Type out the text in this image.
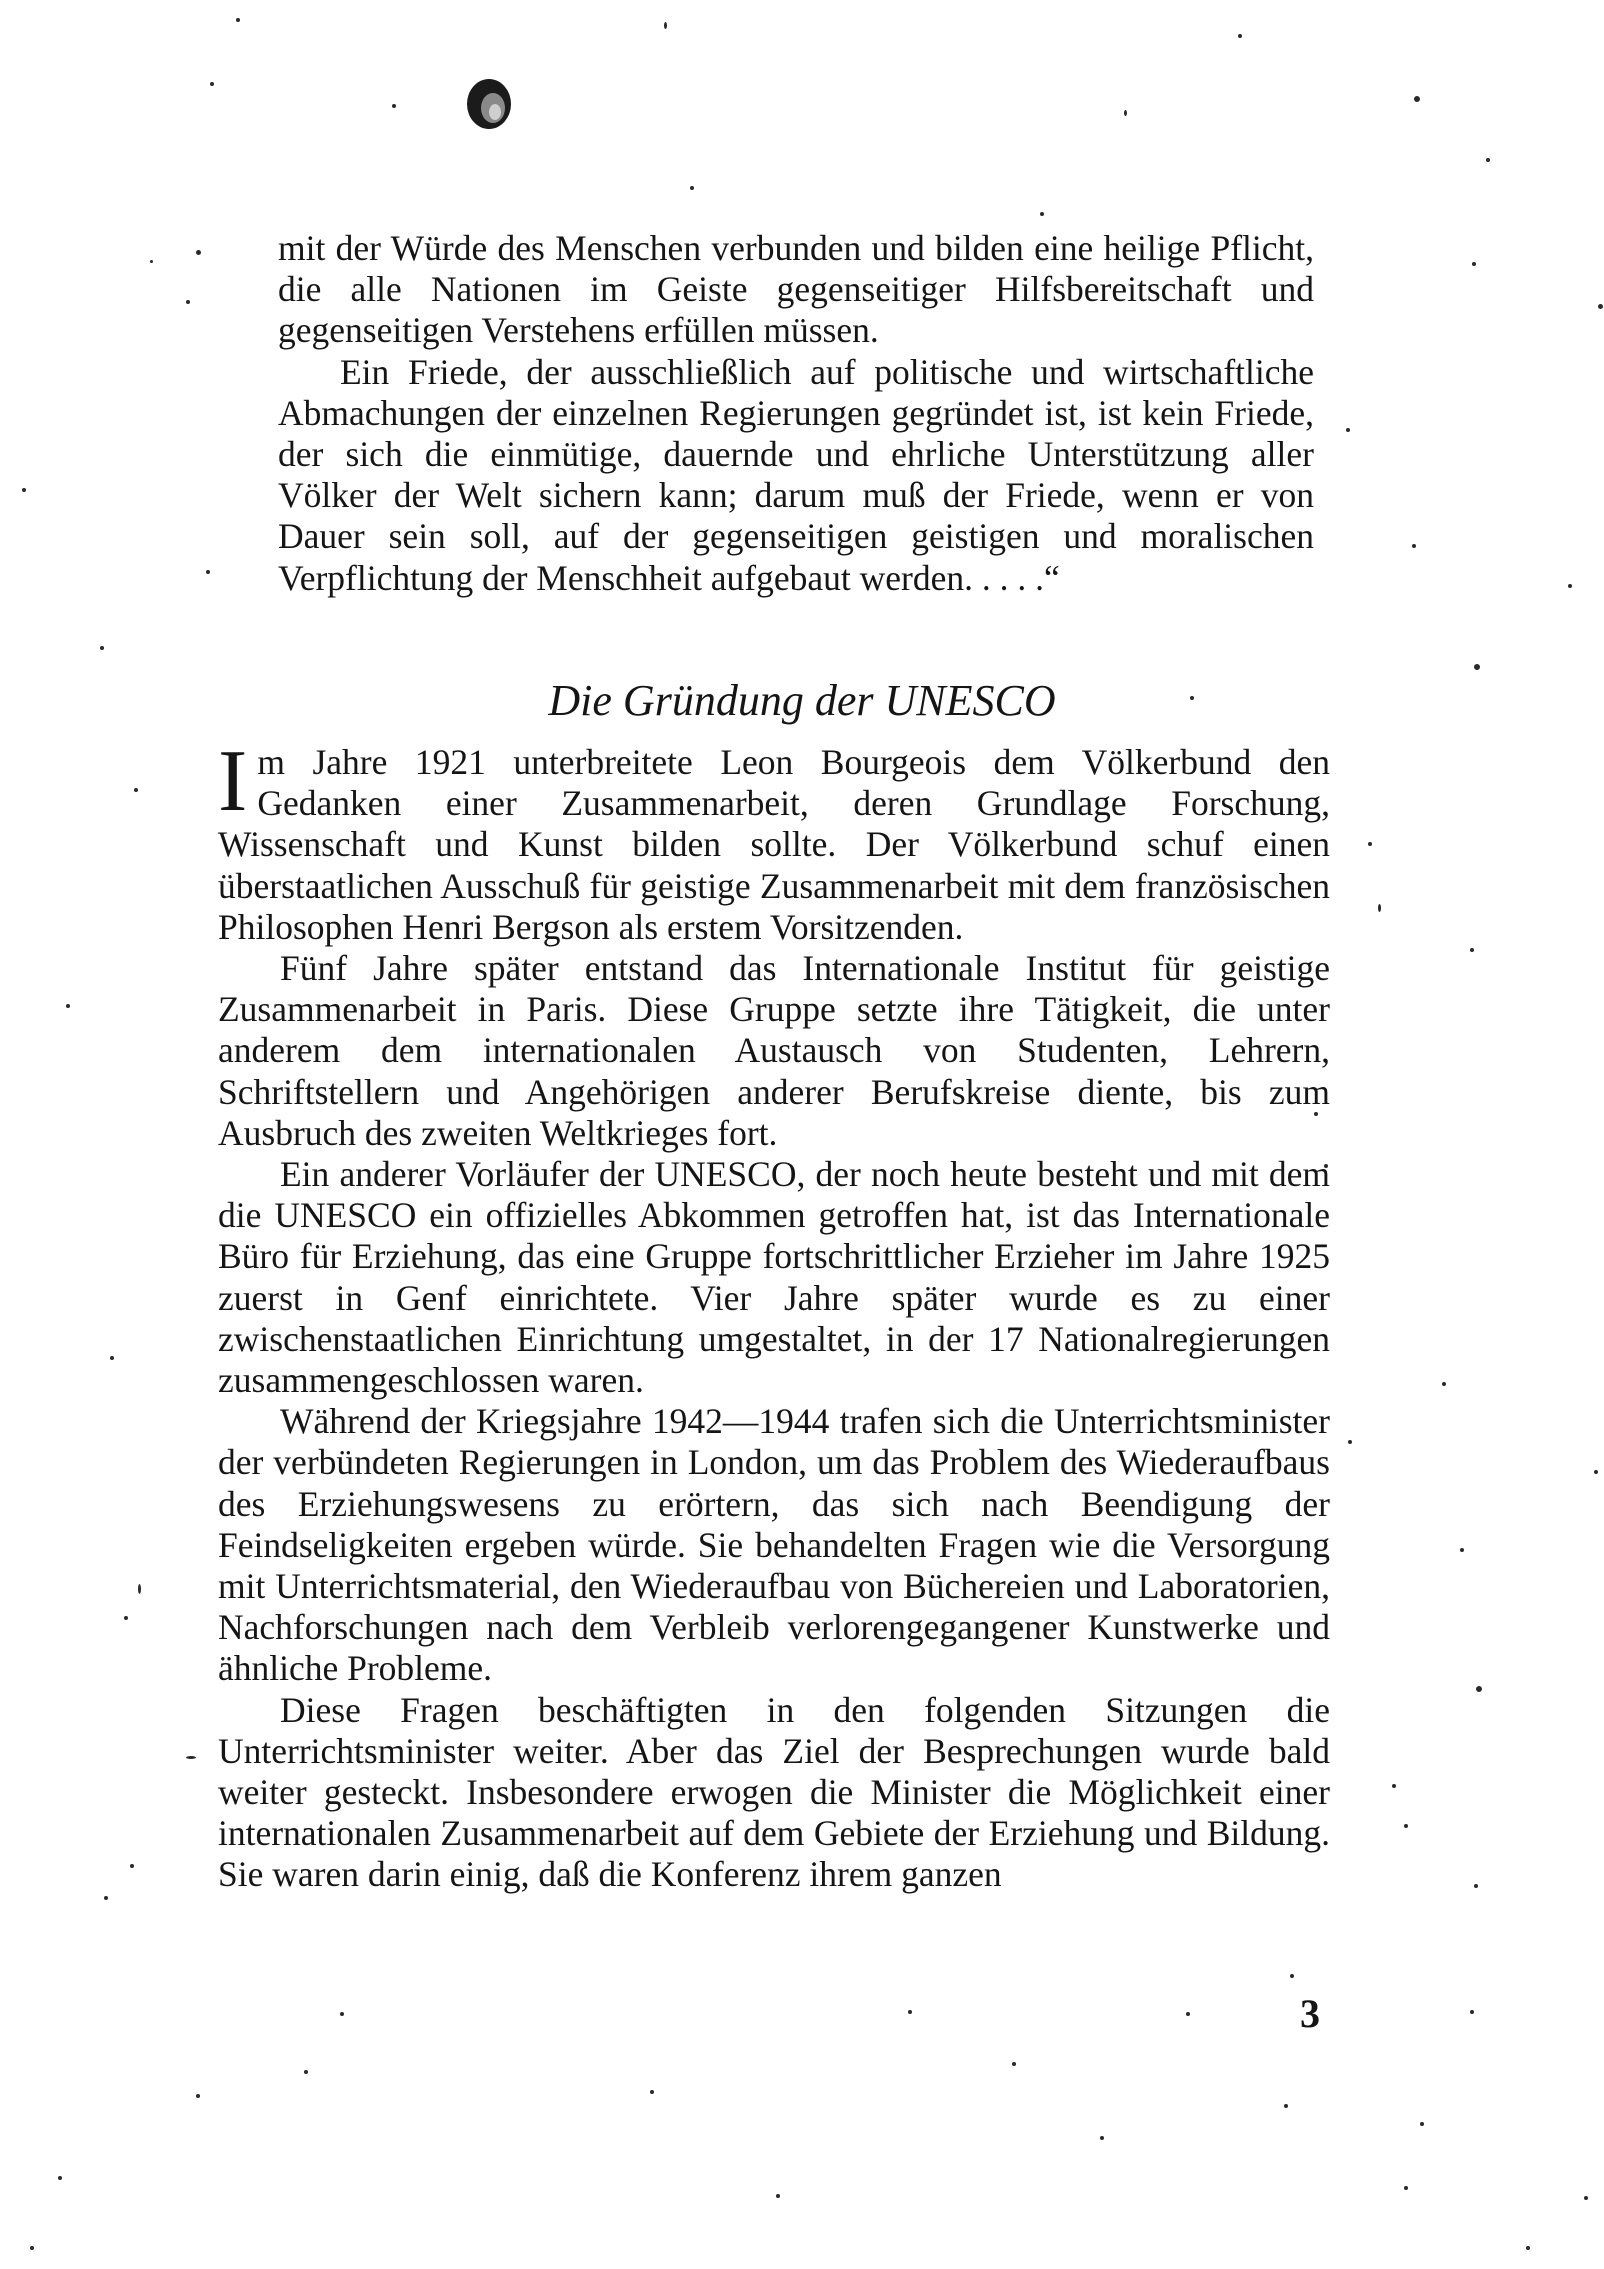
mit der Würde des Menschen verbunden und bilden eine heilige Pflicht, die alle Nationen im Geiste gegenseitiger Hilfsbereitschaft und gegenseitigen Verstehens erfüllen müssen.

Ein Friede, der ausschließlich auf politische und wirtschaftliche Abmachungen der einzelnen Regierungen gegründet ist, ist kein Friede, der sich die einmütige, dauernde und ehrliche Unterstützung aller Völker der Welt sichern kann; darum muß der Friede, wenn er von Dauer sein soll, auf der gegenseitigen geistigen und moralischen Verpflichtung der Menschheit aufgebaut werden. . . . .“

Die Gründung der UNESCO

Im Jahre 1921 unterbreitete Leon Bourgeois dem Völkerbund den Gedanken einer Zusammenarbeit, deren Grundlage Forschung, Wissenschaft und Kunst bilden sollte. Der Völkerbund schuf einen überstaatlichen Ausschuß für geistige Zusammenarbeit mit dem französischen Philosophen Henri Bergson als erstem Vorsitzenden.

Fünf Jahre später entstand das Internationale Institut für geistige Zusammenarbeit in Paris. Diese Gruppe setzte ihre Tätigkeit, die unter anderem dem internationalen Austausch von Studenten, Lehrern, Schriftstellern und Angehörigen anderer Berufskreise diente, bis zum Ausbruch des zweiten Weltkrieges fort.

Ein anderer Vorläufer der UNESCO, der noch heute besteht und mit dem die UNESCO ein offizielles Abkommen getroffen hat, ist das Internationale Büro für Erziehung, das eine Gruppe fortschrittlicher Erzieher im Jahre 1925 zuerst in Genf einrichtete. Vier Jahre später wurde es zu einer zwischenstaatlichen Einrichtung umgestaltet, in der 17 Nationalregierungen zusammengeschlossen waren.

Während der Kriegsjahre 1942—1944 trafen sich die Unterrichtsminister der verbündeten Regierungen in London, um das Problem des Wiederaufbaus des Erziehungswesens zu erörtern, das sich nach Beendigung der Feindseligkeiten ergeben würde. Sie behandelten Fragen wie die Versorgung mit Unterrichtsmaterial, den Wiederaufbau von Büchereien und Laboratorien, Nachforschungen nach dem Verbleib verlorengegangener Kunstwerke und ähnliche Probleme.

Diese Fragen beschäftigten in den folgenden Sitzungen die Unterrichtsminister weiter. Aber das Ziel der Besprechungen wurde bald weiter gesteckt. Insbesondere erwogen die Minister die Möglichkeit einer internationalen Zusammenarbeit auf dem Gebiete der Erziehung und Bildung. Sie waren darin einig, daß die Konferenz ihrem ganzen

3
